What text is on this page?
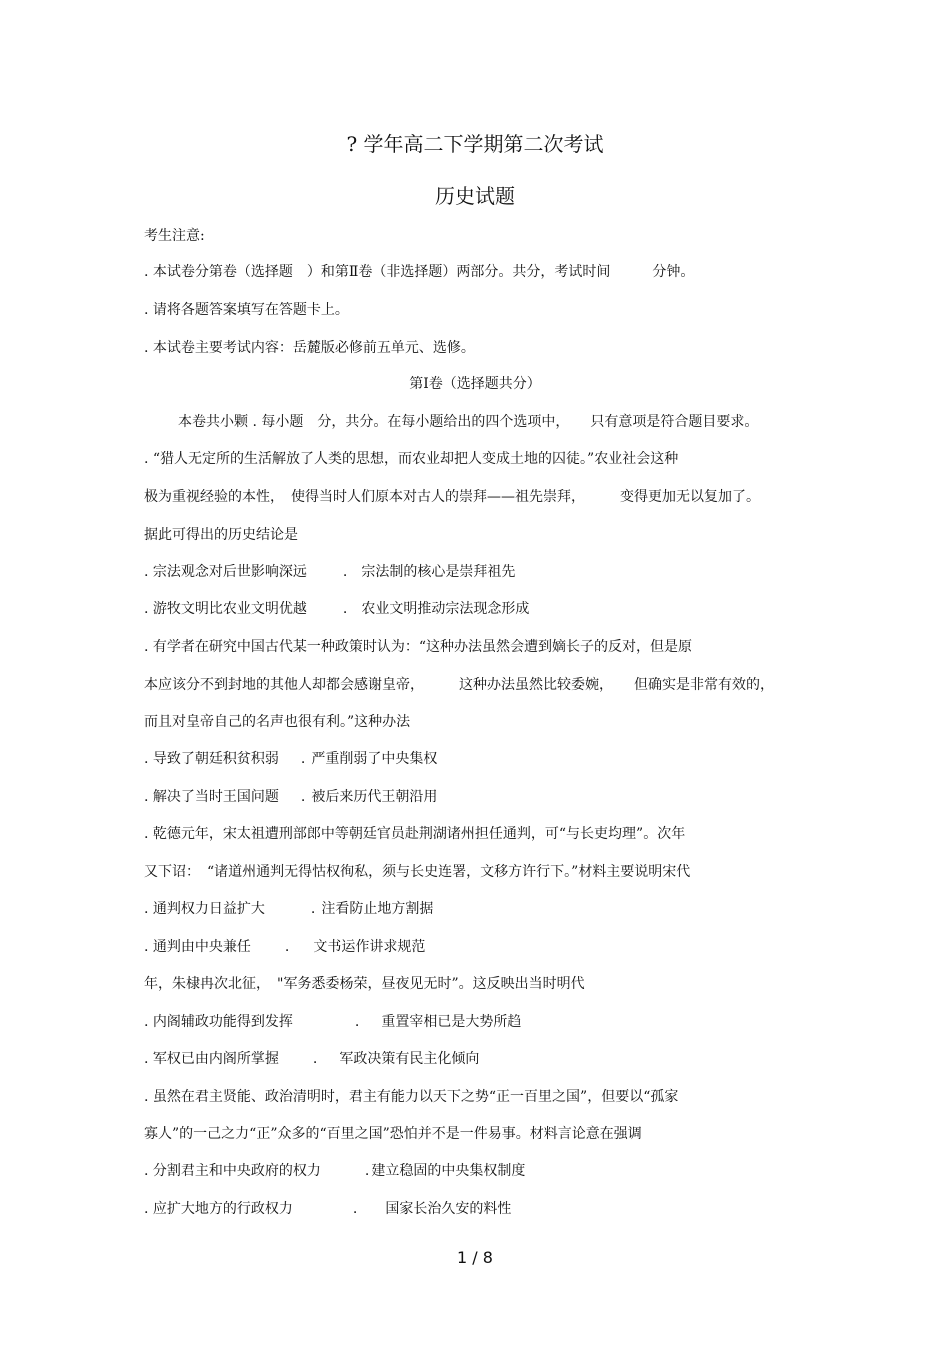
? 学年高二下学期第二次考试
历史试题
考生注意:
. 本试卷分第卷（选择题　）和第Ⅱ卷（非选择题）两部分。共分，考试时间　　　分钟。
. 请将各题答案填写在答题卡上。
. 本试卷主要考试内容：岳麓版必修前五单元、选修。
第Ⅰ卷（选择题共分）
本卷共小颗 . 每小题　分，共分。在每小题给出的四个选项中，　　只有意项是符合题目要求。
. “猎人无定所的生活解放了人类的思想，而农业却把人变成土地的囚徒。”农业社会这种
极为重视经验的本性，　使得当时人们原本对古人的崇拜——祖先崇拜，　　　变得更加无以复加了。
据此可得出的历史结论是
. 宗法观念对后世影响深远	. 宗法制的核心是崇拜祖先
. 游牧文明比农业文明优越	. 农业文明推动宗法现念形成
. 有学者在研究中国古代某一种政策时认为：“这种办法虽然会遭到嫡长子的反对，但是原
本应该分不到封地的其他人却都会感谢皇帝，　　　这种办法虽然比较委婉，　　但确实是非常有效的，
而且对皇帝自己的名声也很有利。”这种办法
. 导致了朝廷积贫积弱 . 严重削弱了中央集权
. 解决了当时王国问题 . 被后来历代王朝沿用
. 乾德元年，宋太祖遭刑部郎中等朝廷官员赴荆湖诸州担任通判，可“与长吏均理”。次年
又下诏：　“诸道州通判无得怙权徇私，须与长史连署，文移方许行下。”材料主要说明宋代
. 通判权力日益扩大	. 注看防止地方割据
. 通判由中央兼任 . 文书运作讲求规范
年，朱棣冉次北征，　"军务悉委杨荣，昼夜见无时”。这反映出当时明代
. 内阁辅政功能得到发挥	. 重置宰相已是大势所趋
. 军权已由内阁所掌握 . 军政决策有民主化倾向
. 虽然在君主贤能、政治清明时，君主有能力以天下之势“正一百里之国”，但要以“孤家
寡人”的一己之力“正”众多的“百里之国”恐怕并不是一件易事。材料言论意在强调
. 分割君主和中央政府的权力	. 建立稳固的中央集权制度
. 应扩大地方的行政权力	. 国家长治久安的料性
1 / 8
